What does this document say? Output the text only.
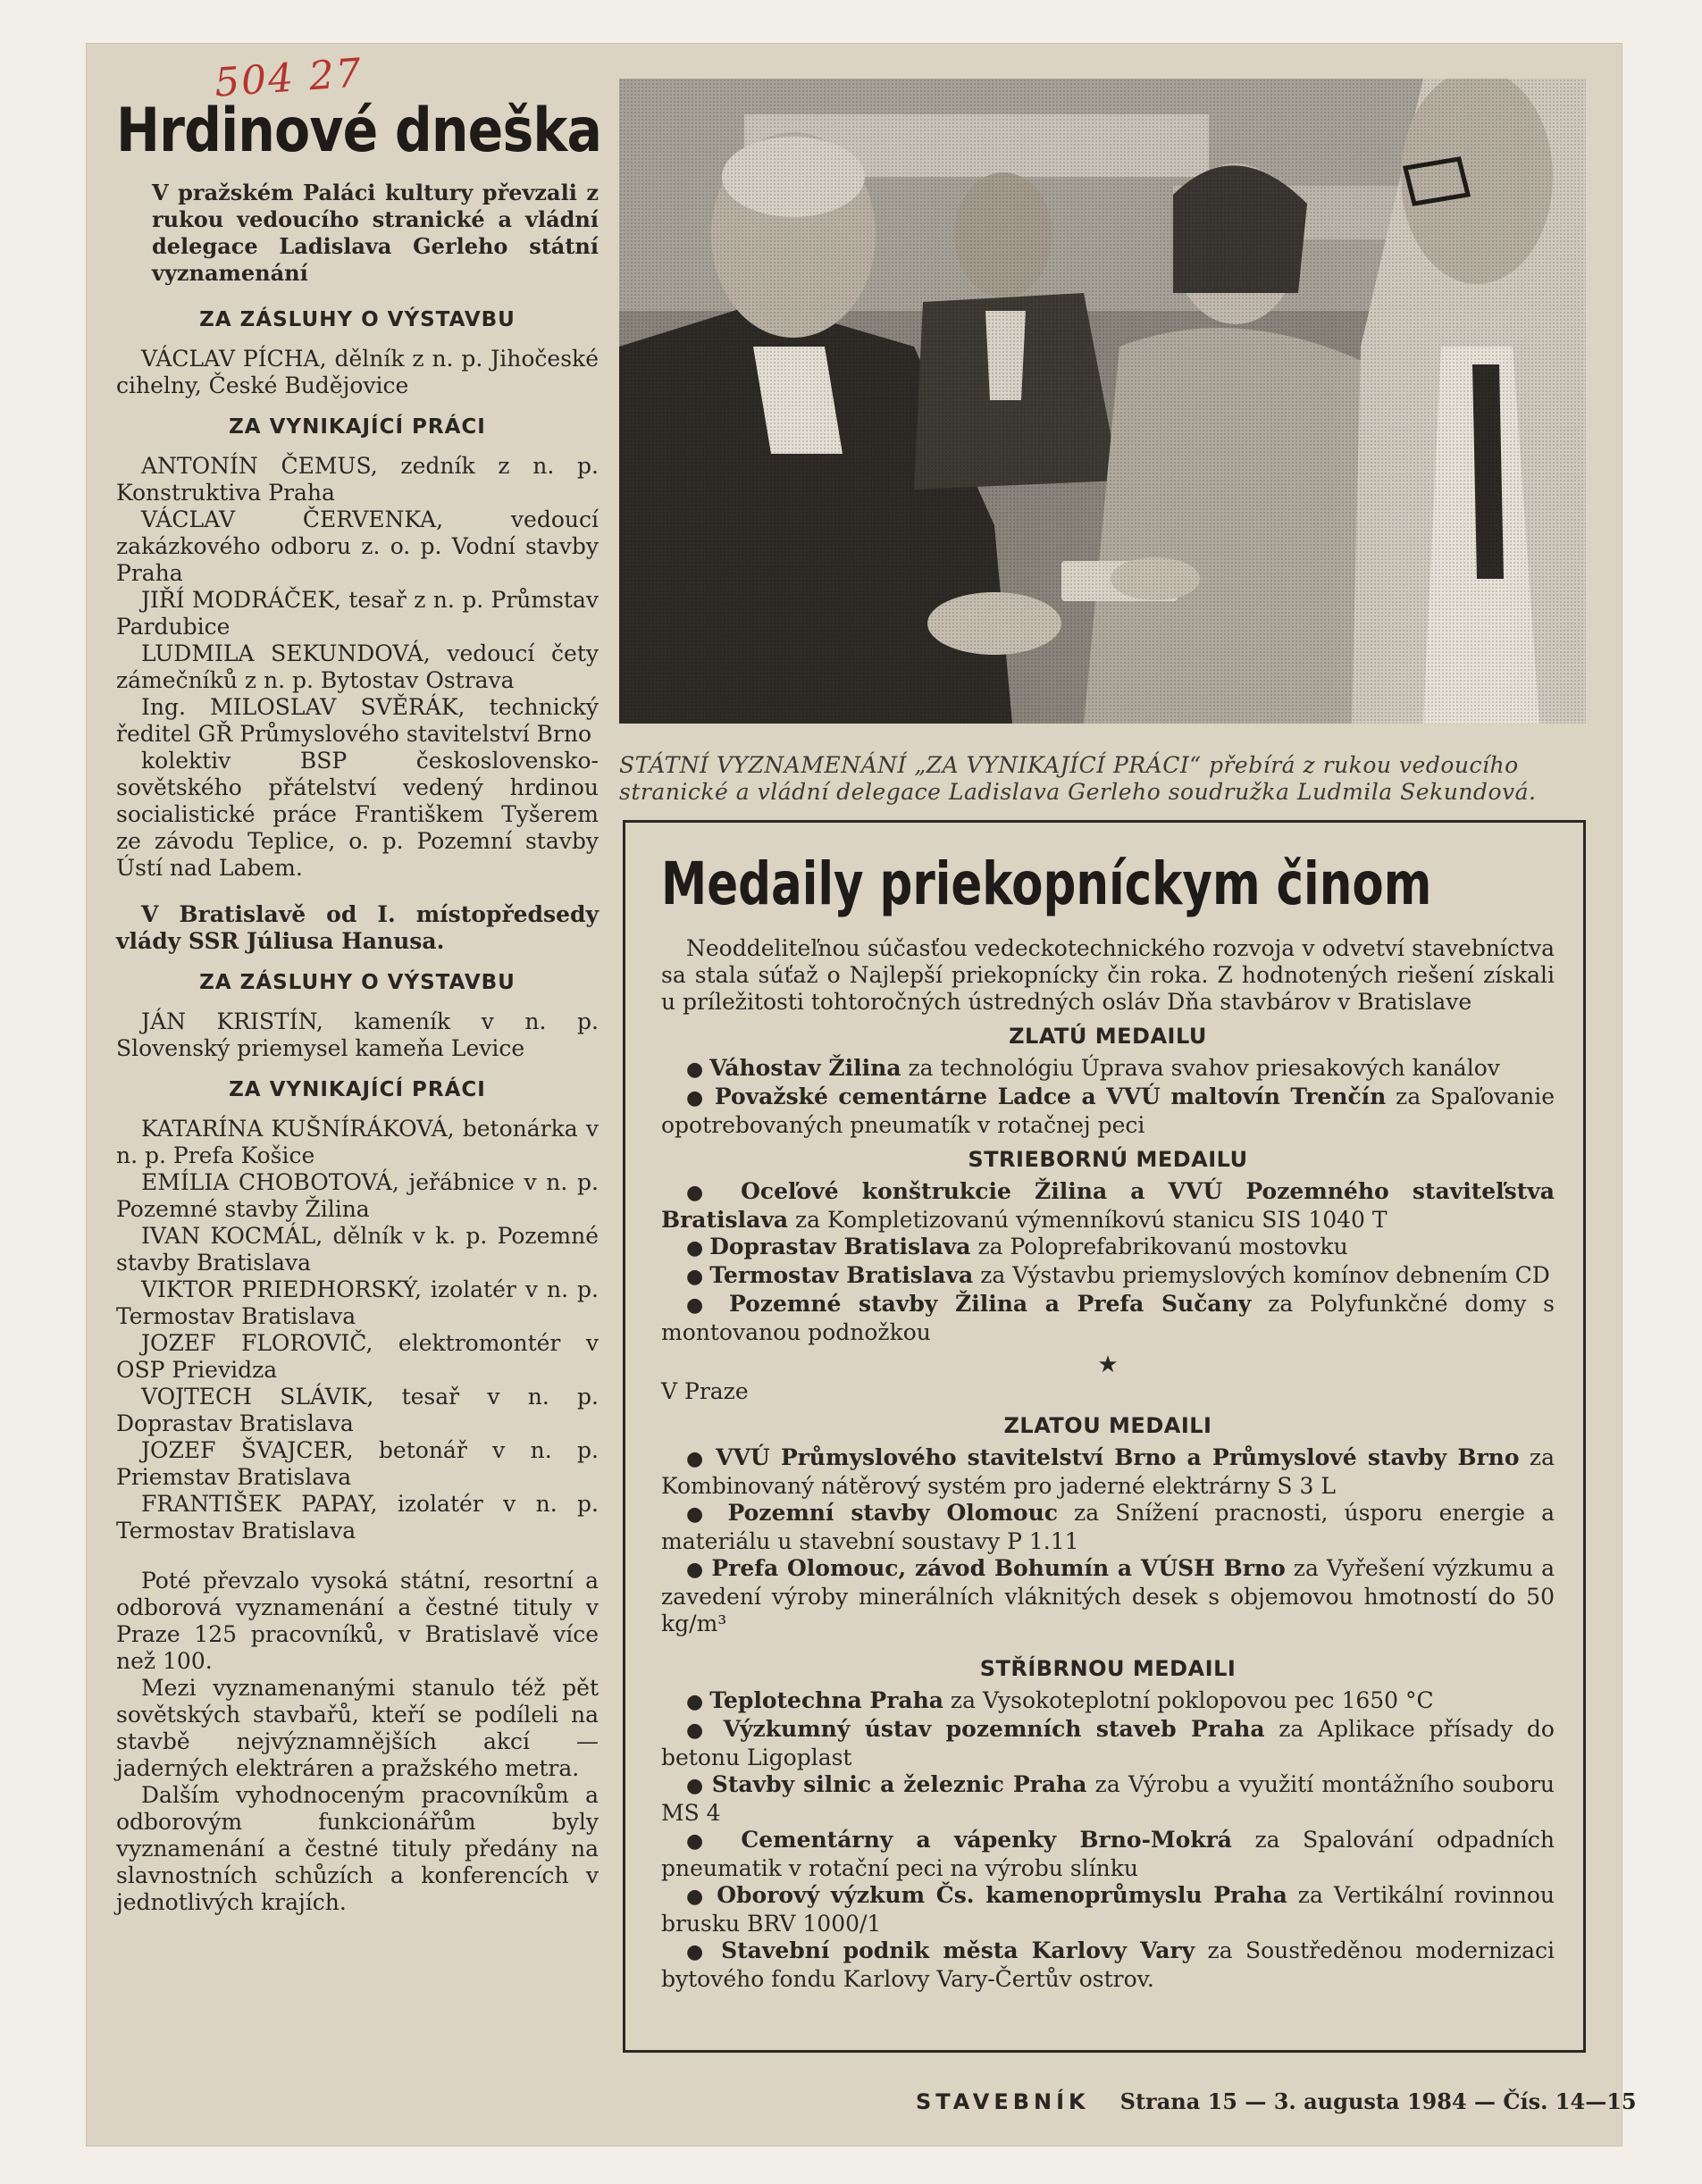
504 27
Hrdinové dneška

V pražském Paláci kultury převzali z rukou vedoucího stranické a vládní delegace Ladislava Gerleho státní vyznamenání

ZA ZÁSLUHY O VÝSTAVBU

VÁCLAV PÍCHA, dělník z n. p. Jihočeské cihelny, České Budějovice

ZA VYNIKAJÍCÍ PRÁCI

ANTONÍN ČEMUS, zedník z n. p. Konstruktiva Praha

VÁCLAV ČERVENKA, vedoucí zakázkového odboru z. o. p. Vodní stavby Praha

JIŘÍ MODRÁČEK, tesař z n. p. Průmstav Pardubice

LUDMILA SEKUNDOVÁ, vedoucí čety zámečníků z n. p. Bytostav Ostrava

Ing. MILOSLAV SVĚRÁK, technický ředitel GŘ Průmyslového stavitelství Brno

kolektiv BSP československo-sovětského přátelství vedený hrdinou socialistické práce Františkem Tyšerem ze závodu Teplice, o. p. Pozemní stavby Ústí nad Labem.

V Bratislavě od I. místopředsedy vlády SSR Júliusa Hanusa.

ZA ZÁSLUHY O VÝSTAVBU

JÁN KRISTÍN, kameník v n. p. Slovenský priemysel kameňa Levice

ZA VYNIKAJÍCÍ PRÁCI

KATARÍNA KUŠNÍRÁKOVÁ, betonárka v n. p. Prefa Košice

EMÍLIA CHOBOTOVÁ, jeřábnice v n. p. Pozemné stavby Žilina

IVAN KOCMÁL, dělník v k. p. Pozemné stavby Bratislava

VIKTOR PRIEDHORSKÝ, izolatér v n. p. Termostav Bratislava

JOZEF FLOROVIČ, elektromontér v OSP Prievidza

VOJTECH SLÁVIK, tesař v n. p. Doprastav Bratislava

JOZEF ŠVAJCER, betonář v n. p. Priemstav Bratislava

FRANTIŠEK PAPAY, izolatér v n. p. Termostav Bratislava

Poté převzalo vysoká státní, resortní a odborová vyznamenání a čestné tituly v Praze 125 pracovníků, v Bratislavě více než 100.

Mezi vyznamenanými stanulo též pět sovětských stavbařů, kteří se podíleli na stavbě nejvýznamnějších akcí — jaderných elektráren a pražského metra.

Dalším vyhodnoceným pracovníkům a odborovým funkcionářům byly vyznamenání a čestné tituly předány na slavnostních schůzích a konferencích v jednotlivých krajích.

STÁTNÍ VYZNAMENÁNÍ „ZA VYNIKAJÍCÍ PRÁCI“ přebírá z rukou vedoucího stranické a vládní delegace Ladislava Gerleho soudružka Ludmila Sekundová.
Medaily priekopníckym činom

Neoddeliteľnou súčasťou vedeckotechnického rozvoja v odvetví stavebníctva sa stala súťaž o Najlepší priekopnícky čin roka. Z hodnotených riešení získali u príležitosti tohtoročných ústredných osláv Dňa stavbárov v Bratislave

ZLATÚ MEDAILU

● Váhostav Žilina za technológiu Úprava svahov priesakových kanálov

● Považské cementárne Ladce a VVÚ maltovín Trenčín za Spaľovanie opotrebovaných pneumatík v rotačnej peci

STRIEBORNÚ MEDAILU

● Oceľové konštrukcie Žilina a VVÚ Pozemného staviteľstva Bratislava za Kompletizovanú výmenníkovú stanicu SIS 1040 T

● Doprastav Bratislava za Poloprefabrikovanú mostovku

● Termostav Bratislava za Výstavbu priemyslových komínov debnením CD

● Pozemné stavby Žilina a Prefa Sučany za Polyfunkčné domy s montovanou podnožkou

★

V Praze

ZLATOU MEDAILI

● VVÚ Průmyslového stavitelství Brno a Průmyslové stavby Brno za Kombinovaný nátěrový systém pro jaderné elektrárny S 3 L

● Pozemní stavby Olomouc za Snížení pracnosti, úsporu energie a materiálu u stavební soustavy P 1.11

● Prefa Olomouc, závod Bohumín a VÚSH Brno za Vyřešení výzkumu a zavedení výroby minerálních vláknitých desek s objemovou hmotností do 50 kg/m³

STŘÍBRNOU MEDAILI

● Teplotechna Praha za Vysokoteplotní poklopovou pec 1650 °C

● Výzkumný ústav pozemních staveb Praha za Aplikace přísady do betonu Ligoplast

● Stavby silnic a železnic Praha za Výrobu a využití montážního souboru MS 4

● Cementárny a vápenky Brno-Mokrá za Spalování odpadních pneumatik v rotační peci na výrobu slínku

● Oborový výzkum Čs. kamenoprůmyslu Praha za Vertikální rovinnou brusku BRV 1000/1

● Stavební podnik města Karlovy Vary za Soustředěnou modernizaci bytového fondu Karlovy Vary-Čertův ostrov.

STAVEBNÍK Strana 15 — 3. augusta 1984 — Čís. 14—15
